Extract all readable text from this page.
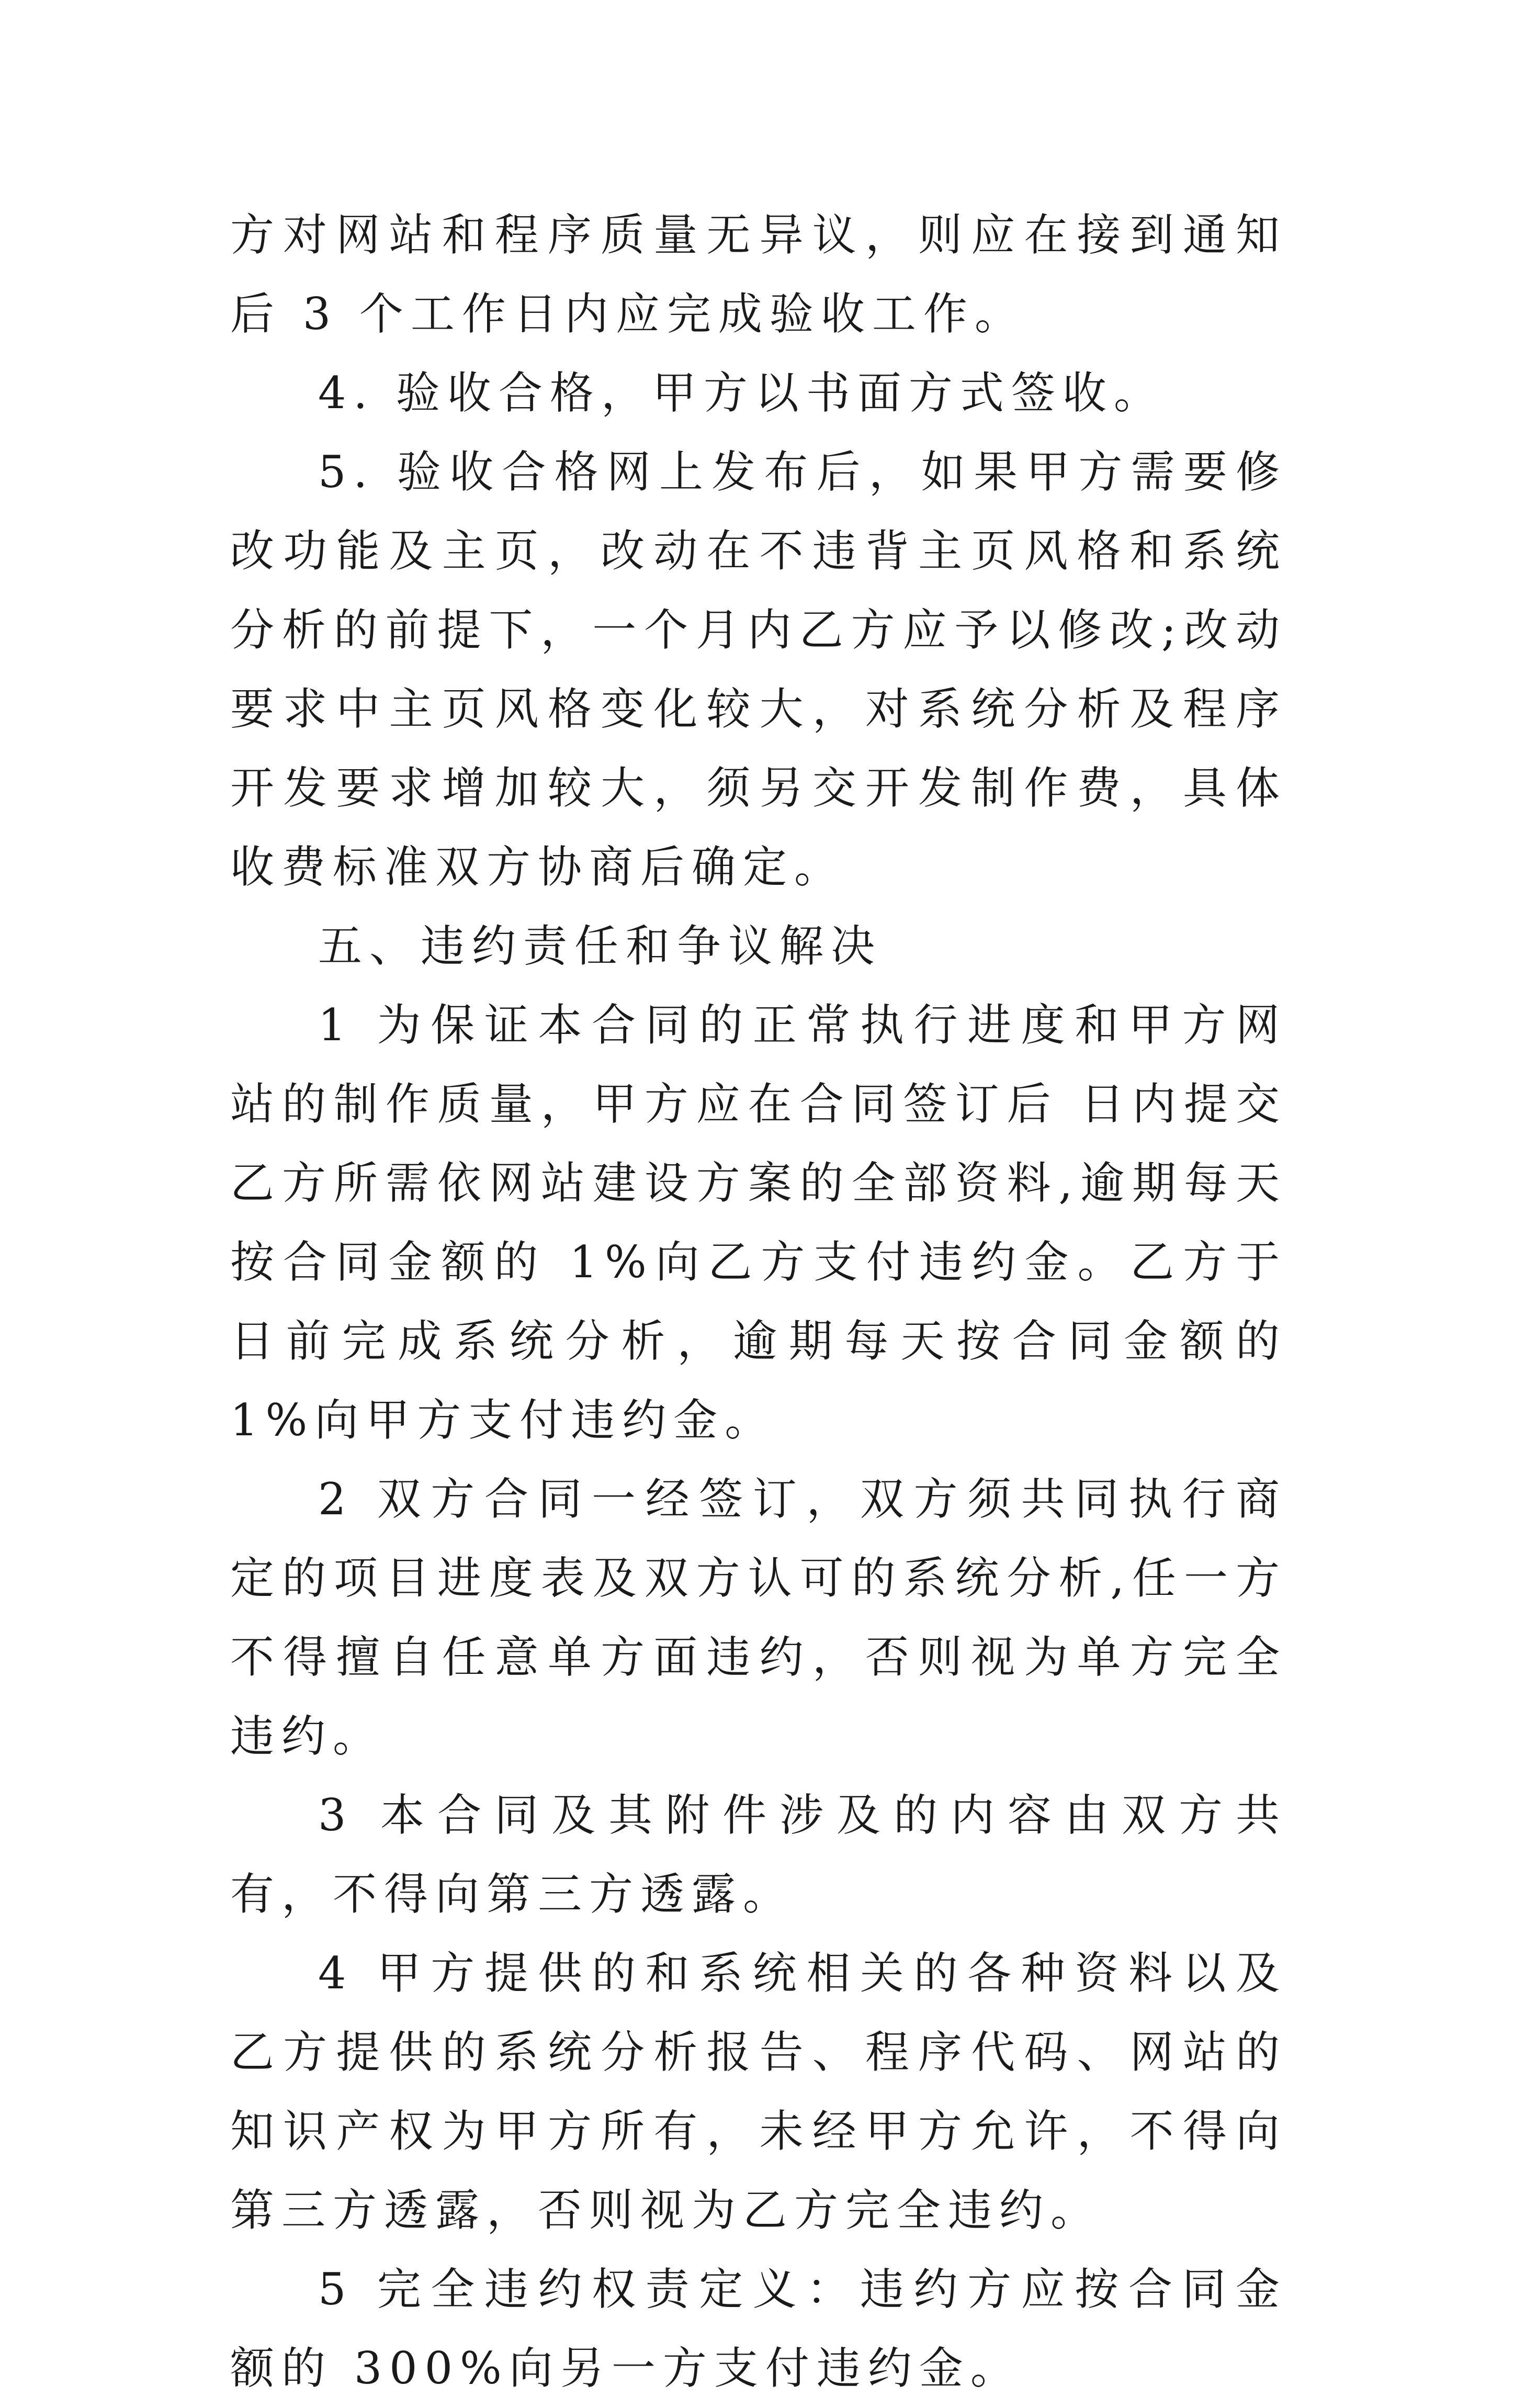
方对网站和程序质量无异议，则应在接到通知后 3 个工作日内应完成验收工作。

4. 验收合格，甲方以书面方式签收。

5. 验收合格网上发布后，如果甲方需要修改功能及主页，改动在不违背主页风格和系统分析的前提下，一个月内乙方应予以修改;改动要求中主页风格变化较大，对系统分析及程序开发要求增加较大，须另交开发制作费，具体收费标准双方协商后确定。

五、违约责任和争议解决

1 为保证本合同的正常执行进度和甲方网站的制作质量，甲方应在合同签订后 日内提交乙方所需依网站建设方案的全部资料,逾期每天按合同金额的 1%向乙方支付违约金。乙方于 日前完成系统分析，逾期每天按合同金额的 1%向甲方支付违约金。

2 双方合同一经签订，双方须共同执行商定的项目进度表及双方认可的系统分析,任一方不得擅自任意单方面违约，否则视为单方完全违约。

3 本合同及其附件涉及的内容由双方共有，不得向第三方透露。

4 甲方提供的和系统相关的各种资料以及乙方提供的系统分析报告、程序代码、网站的知识产权为甲方所有，未经甲方允许，不得向第三方透露，否则视为乙方完全违约。

5 完全违约权责定义：违约方应按合同金额的 300%向另一方支付违约金。
